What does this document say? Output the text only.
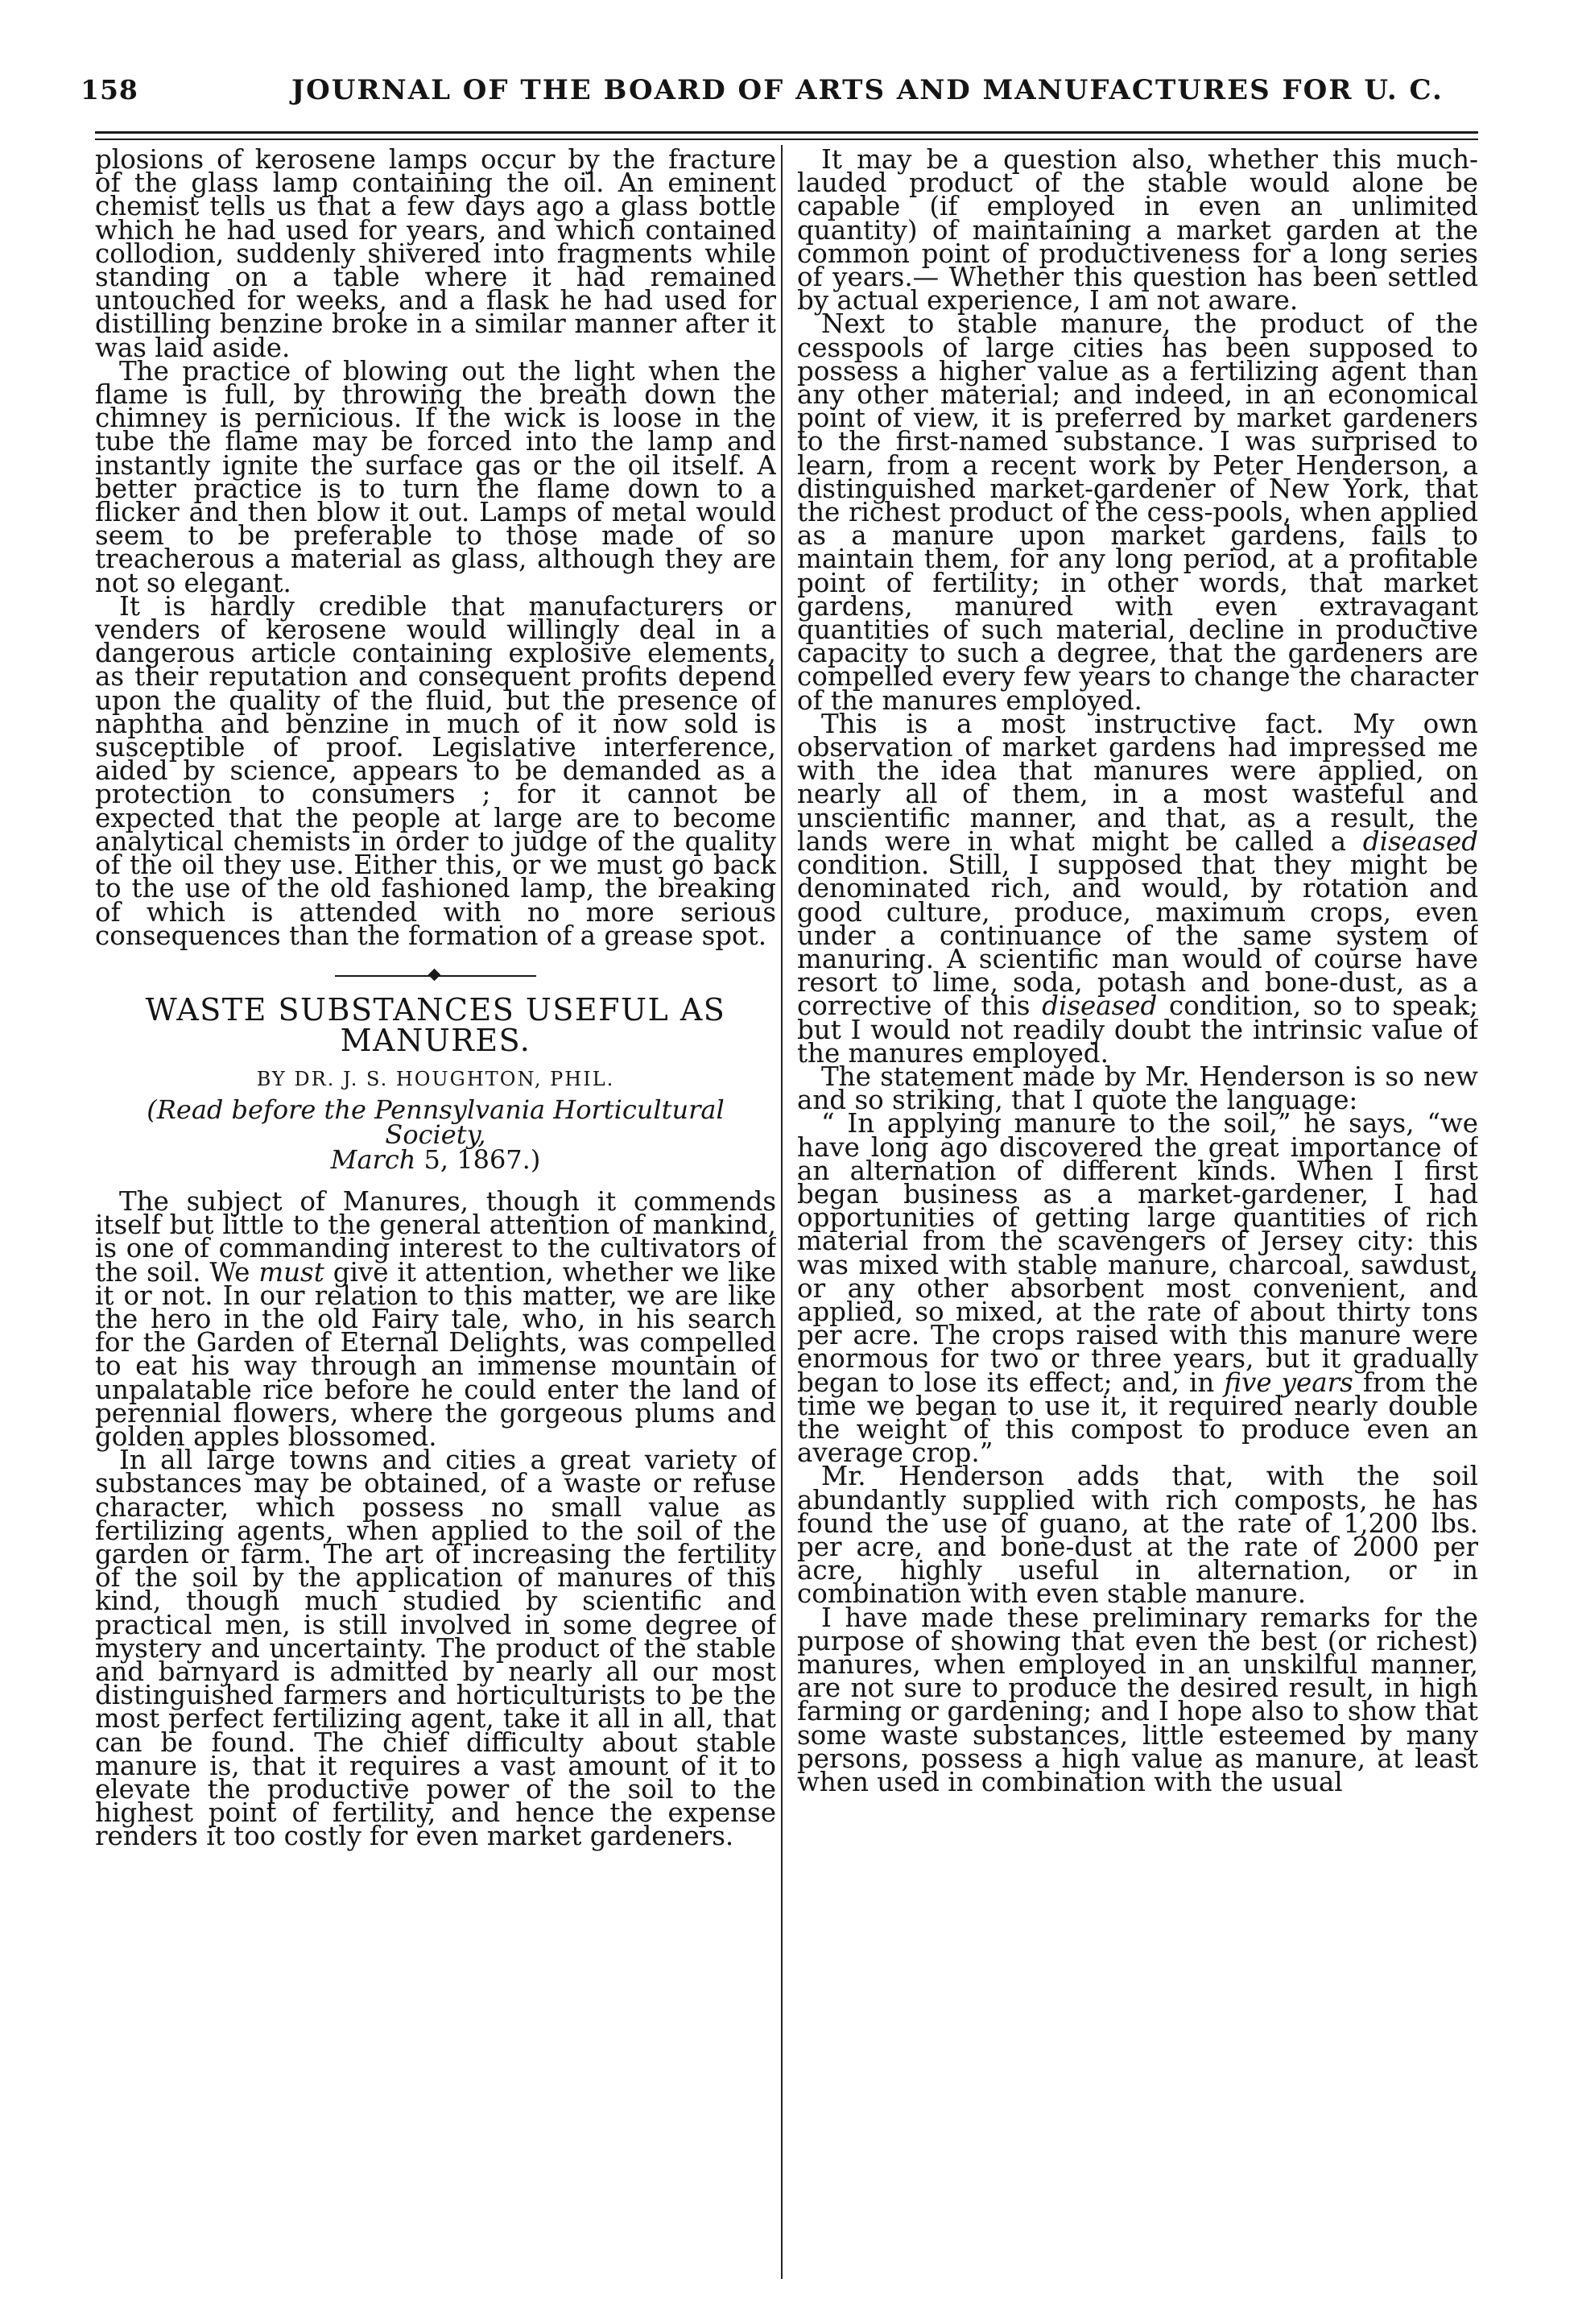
158	JOURNAL OF THE BOARD OF ARTS AND MANUFACTURES FOR U. C.

plosions of kerosene lamps occur by the fracture of the glass lamp containing the oil. An eminent chemist tells us that a few days ago a glass bottle which he had used for years, and which contained collodion, suddenly shivered into fragments while standing on a table where it had remained untouched for weeks, and a flask he had used for distilling benzine broke in a similar manner after it was laid aside.

The practice of blowing out the light when the flame is full, by throwing the breath down the chimney is pernicious. If the wick is loose in the tube the flame may be forced into the lamp and instantly ignite the surface gas or the oil itself. A better practice is to turn the flame down to a flicker and then blow it out. Lamps of metal would seem to be preferable to those made of so treacherous a material as glass, although they are not so elegant.

It is hardly credible that manufacturers or venders of kerosene would willingly deal in a dangerous article containing explosive elements, as their reputation and consequent profits depend upon the quality of the fluid, but the presence of naphtha and benzine in much of it now sold is susceptible of proof. Legislative interference, aided by science, appears to be demanded as a protection to consumers ; for it cannot be expected that the people at large are to become analytical chemists in order to judge of the quality of the oil they use. Either this, or we must go back to the use of the old fashioned lamp, the breaking of which is attended with no more serious consequences than the formation of a grease spot.

WASTE SUBSTANCES USEFUL AS
MANURES.
BY DR. J. S. HOUGHTON, PHIL.
(Read before the Pennsylvania Horticultural Society,
March 5, 1867.)

The subject of Manures, though it commends itself but little to the general attention of mankind, is one of commanding interest to the cultivators of the soil. We must give it attention, whether we like it or not. In our relation to this matter, we are like the hero in the old Fairy tale, who, in his search for the Garden of Eternal Delights, was compelled to eat his way through an immense mountain of unpalatable rice before he could enter the land of perennial flowers, where the gorgeous plums and golden apples blossomed.

In all large towns and cities a great variety of substances may be obtained, of a waste or refuse character, which possess no small value as fertilizing agents, when applied to the soil of the garden or farm. The art of increasing the fertility of the soil by the application of manures of this kind, though much studied by scientific and practical men, is still involved in some degree of mystery and uncertainty. The product of the stable and barnyard is admitted by nearly all our most distinguished farmers and horticulturists to be the most perfect fertilizing agent, take it all in all, that can be found. The chief difficulty about stable manure is, that it requires a vast amount of it to elevate the productive power of the soil to the highest point of fertility, and hence the expense renders it too costly for even market gardeners.

It may be a question also, whether this much-lauded product of the stable would alone be capable (if employed in even an unlimited quantity) of maintaining a market garden at the common point of productiveness for a long series of years.— Whether this question has been settled by actual experience, I am not aware.

Next to stable manure, the product of the cesspools of large cities has been supposed to possess a higher value as a fertilizing agent than any other material; and indeed, in an economical point of view, it is preferred by market gardeners to the first-named substance. I was surprised to learn, from a recent work by Peter Henderson, a distinguished market-gardener of New York, that the richest product of the cess-pools, when applied as a manure upon market gardens, fails to maintain them, for any long period, at a profitable point of fertility; in other words, that market gardens, manured with even extravagant quantities of such material, decline in productive capacity to such a degree, that the gardeners are compelled every few years to change the character of the manures employed.

This is a most instructive fact. My own observation of market gardens had impressed me with the idea that manures were applied, on nearly all of them, in a most wasteful and unscientific manner, and that, as a result, the lands were in what might be called a diseased condition. Still, I supposed that they might be denominated rich, and would, by rotation and good culture, produce, maximum crops, even under a continuance of the same system of manuring. A scientific man would of course have resort to lime, soda, potash and bone-dust, as a corrective of this diseased condition, so to speak; but I would not readily doubt the intrinsic value of the manures employed.

The statement made by Mr. Henderson is so new and so striking, that I quote the language:

“ In applying manure to the soil,” he says, “we have long ago discovered the great importance of an alternation of different kinds. When I first began business as a market-gardener, I had opportunities of getting large quantities of rich material from the scavengers of Jersey city: this was mixed with stable manure, charcoal, sawdust, or any other absorbent most convenient, and applied, so mixed, at the rate of about thirty tons per acre. The crops raised with this manure were enormous for two or three years, but it gradually began to lose its effect; and, in five years from the time we began to use it, it required nearly double the weight of this compost to produce even an average crop.”

Mr. Henderson adds that, with the soil abundantly supplied with rich composts, he has found the use of guano, at the rate of 1,200 lbs. per acre, and bone-dust at the rate of 2000 per acre, highly useful in alternation, or in combination with even stable manure.

I have made these preliminary remarks for the purpose of showing that even the best (or richest) manures, when employed in an unskilful manner, are not sure to produce the desired result, in high farming or gardening; and I hope also to show that some waste substances, little esteemed by many persons, possess a high value as manure, at least when used in combination with the usual
